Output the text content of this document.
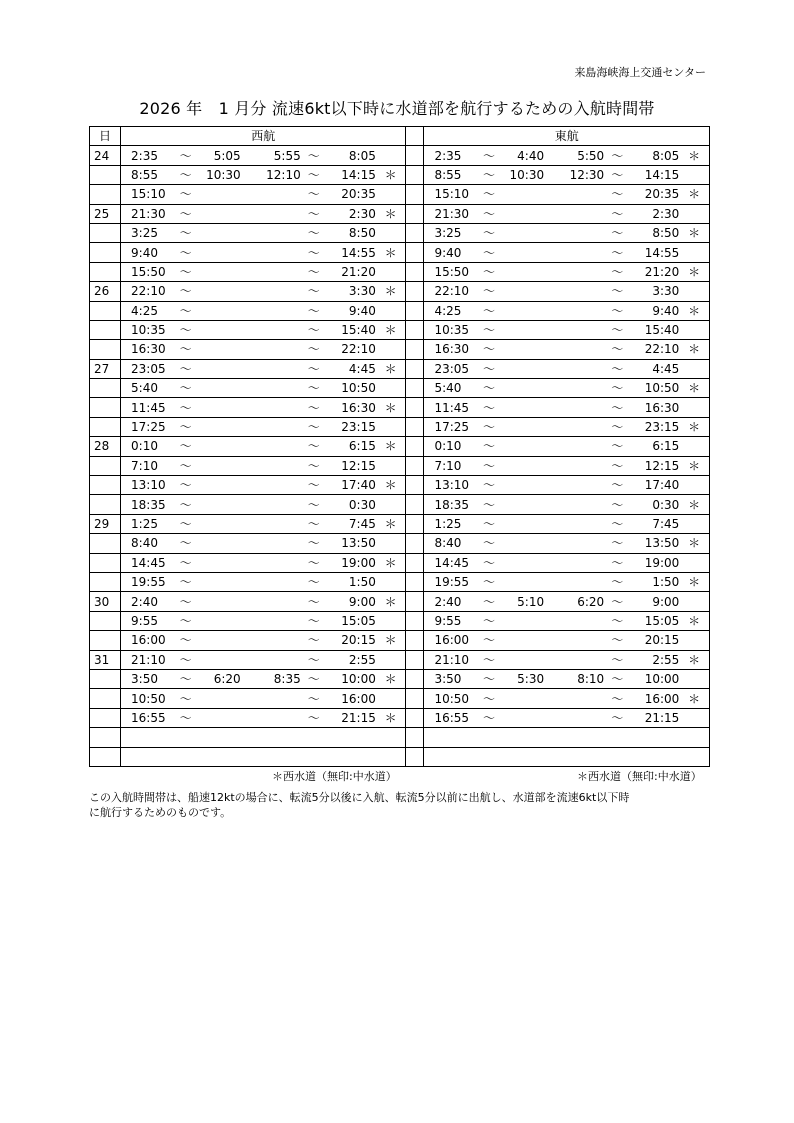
来島海峡海上交通センター
2026 年　1 月分 流速6kt以下時に水道部を航行するための入航時間帯
日	西航								東航						
24	2:35	～	5:05	5:55	～	8:05			2:35	～	4:40	5:50	～	8:05	＊
	8:55	～	10:30	12:10	～	14:15	＊		8:55	～	10:30	12:30	～	14:15	
	15:10	～			～	20:35			15:10	～			～	20:35	＊
25	21:30	～			～	2:30	＊		21:30	～			～	2:30	
	3:25	～			～	8:50			3:25	～			～	8:50	＊
	9:40	～			～	14:55	＊		9:40	～			～	14:55	
	15:50	～			～	21:20			15:50	～			～	21:20	＊
26	22:10	～			～	3:30	＊		22:10	～			～	3:30	
	4:25	～			～	9:40			4:25	～			～	9:40	＊
	10:35	～			～	15:40	＊		10:35	～			～	15:40	
	16:30	～			～	22:10			16:30	～			～	22:10	＊
27	23:05	～			～	4:45	＊		23:05	～			～	4:45	
	5:40	～			～	10:50			5:40	～			～	10:50	＊
	11:45	～			～	16:30	＊		11:45	～			～	16:30	
	17:25	～			～	23:15			17:25	～			～	23:15	＊
28	0:10	～			～	6:15	＊		0:10	～			～	6:15	
	7:10	～			～	12:15			7:10	～			～	12:15	＊
	13:10	～			～	17:40	＊		13:10	～			～	17:40	
	18:35	～			～	0:30			18:35	～			～	0:30	＊
29	1:25	～			～	7:45	＊		1:25	～			～	7:45	
	8:40	～			～	13:50			8:40	～			～	13:50	＊
	14:45	～			～	19:00	＊		14:45	～			～	19:00	
	19:55	～			～	1:50			19:55	～			～	1:50	＊
30	2:40	～			～	9:00	＊		2:40	～	5:10	6:20	～	9:00	
	9:55	～			～	15:05			9:55	～			～	15:05	＊
	16:00	～			～	20:15	＊		16:00	～			～	20:15	
31	21:10	～			～	2:55			21:10	～			～	2:55	＊
	3:50	～	6:20	8:35	～	10:00	＊		3:50	～	5:30	8:10	～	10:00	
	10:50	～			～	16:00			10:50	～			～	16:00	＊
	16:55	～			～	21:15	＊		16:55	～			～	21:15	

＊西水道（無印:中水道）	＊西水道（無印:中水道）
この入航時間帯は、船速12ktの場合に、転流5分以後に入航、転流5分以前に出航し、水道部を流速6kt以下時
に航行するためのものです。
